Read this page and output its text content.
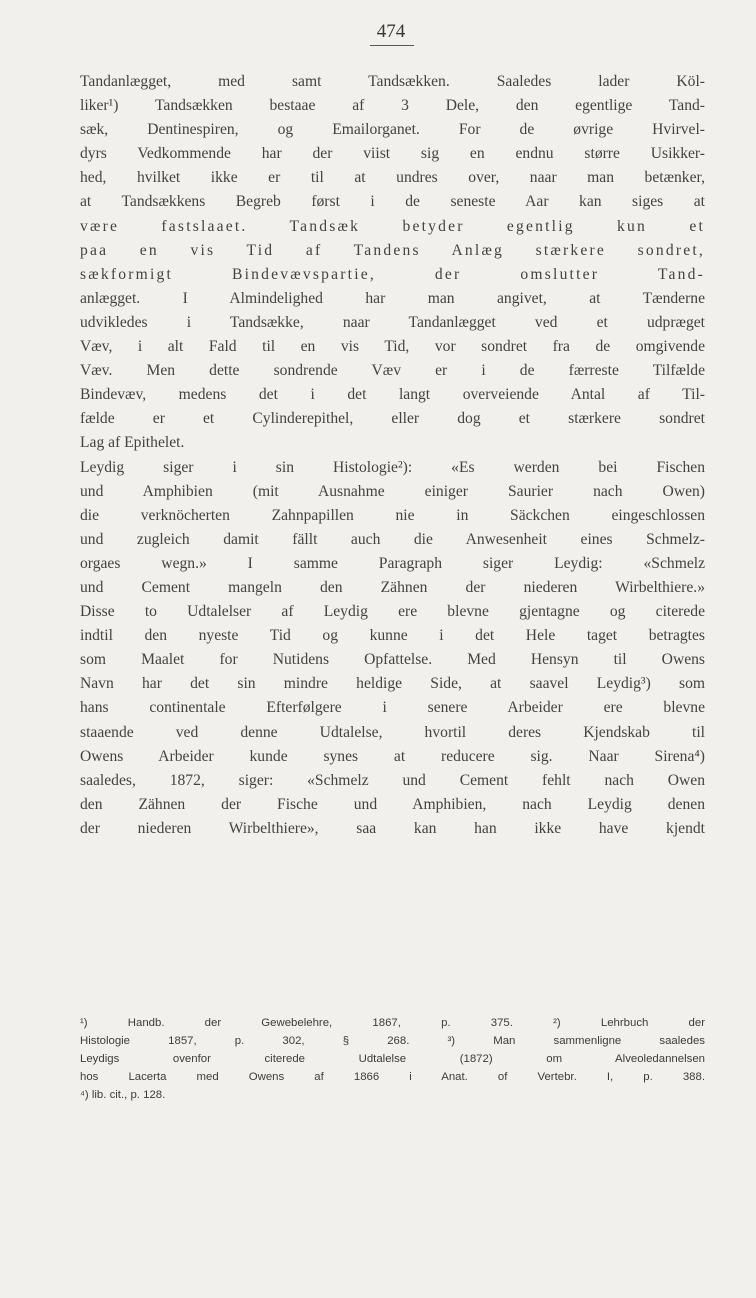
474
Tandanlægget, med samt Tandsækken. Saaledes lader Köl-
liker¹) Tandsækken bestaae af 3 Dele, den egentlige Tand-
sæk, Dentinespiren, og Emailorganet. For de øvrige Hvirvel-
dyrs Vedkommende har der viist sig en endnu større Usikker-
hed, hvilket ikke er til at undres over, naar man betænker,
at Tandsækkens Begreb først i de seneste Aar kan siges at
være fastslaaet. Tandsæk betyder egentlig kun et
paa en vis Tid af Tandens Anlæg stærkere sondret,
sækformigt Bindevævspartie, der omslutter Tand-
anlægget. I Almindelighed har man angivet, at Tænderne
udvikledes i Tandsække, naar Tandanlægget ved et udpræget
Væv, i alt Fald til en vis Tid, vor sondret fra de omgivende
Væv. Men dette sondrende Væv er i de færreste Tilfælde
Bindevæv, medens det i det langt overveiende Antal af Til-
fælde er et Cylinderepithel, eller dog et stærkere sondret
Lag af Epithelet.
Leydig siger i sin Histologie²): «Es werden bei Fischen
und Amphibien (mit Ausnahme einiger Saurier nach Owen)
die verknöcherten Zahnpapillen nie in Säckchen eingeschlossen
und zugleich damit fällt auch die Anwesenheit eines Schmelz-
orgaes wegn.» I samme Paragraph siger Leydig: «Schmelz
und Cement mangeln den Zähnen der niederen Wirbelthiere.»
Disse to Udtalelser af Leydig ere blevne gjentagne og citerede
indtil den nyeste Tid og kunne i det Hele taget betragtes
som Maalet for Nutidens Opfattelse. Med Hensyn til Owens
Navn har det sin mindre heldige Side, at saavel Leydig³) som
hans continentale Efterfølgere i senere Arbeider ere blevne
staaende ved denne Udtalelse, hvortil deres Kjendskab til
Owens Arbeider kunde synes at reducere sig. Naar Sirena⁴)
saaledes, 1872, siger: «Schmelz und Cement fehlt nach Owen
den Zähnen der Fische und Amphibien, nach Leydig denen
der niederen Wirbelthiere», saa kan han ikke have kjendt
¹) Handb. der Gewebelehre, 1867, p. 375. ²) Lehrbuch der
Histologie 1857, p. 302, § 268. ³) Man sammenligne saaledes
Leydigs ovenfor citerede Udtalelse (1872) om Alveoledannelsen
hos Lacerta med Owens af 1866 i Anat. of Vertebr. I, p. 388.
⁴) lib. cit., p. 128.
